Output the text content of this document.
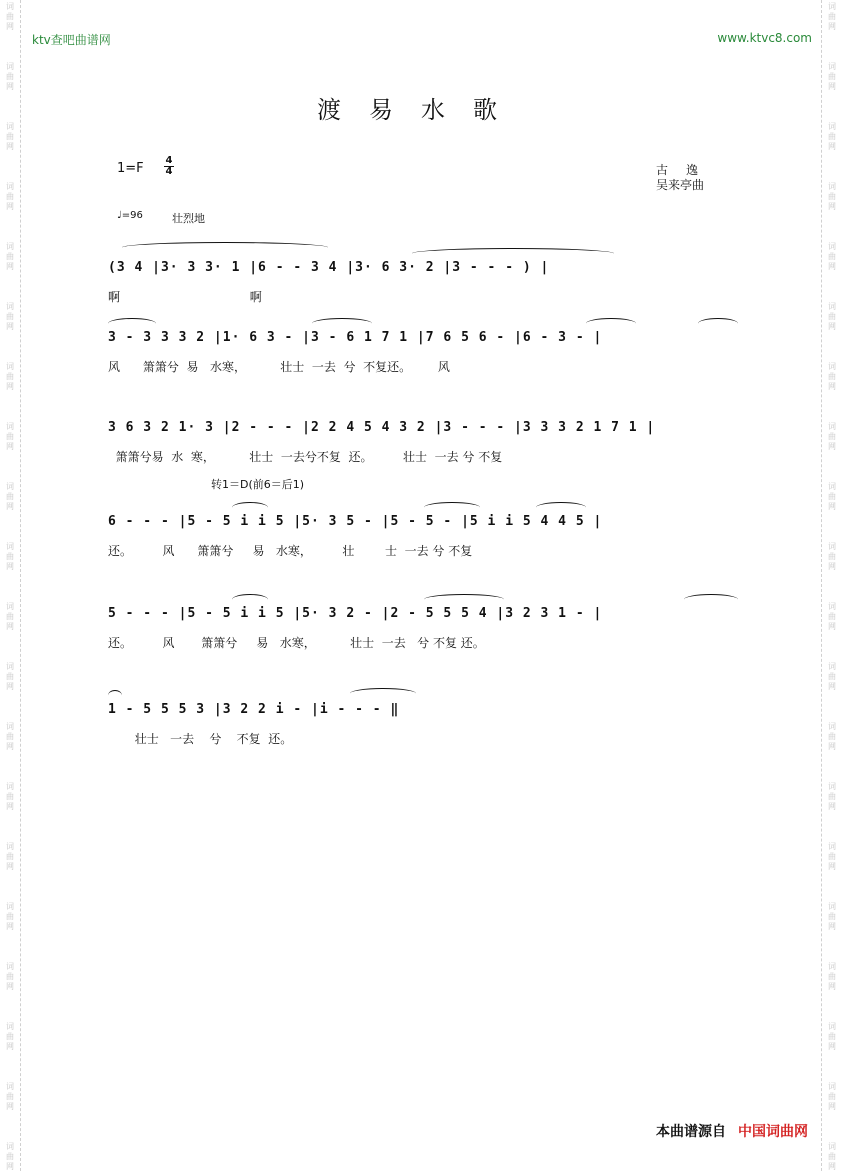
词
曲
网
词
曲
网
词
曲
网
词
曲
网
词
曲
网
词
曲
网
词
曲
网
词
曲
网
词
曲
网
词
曲
网
词
曲
网
词
曲
网
词
曲
网
词
曲
网
词
曲
网
词
曲
网
词
曲
网
词
曲
网
词
曲
网
词
曲
网
词
曲
网
词
曲
网
词
曲
网
词
曲
网
词
曲
网
词
曲
网
词
曲
网
词
曲
网
词
曲
网
词
曲
网
词
曲
网
词
曲
网
词
曲
网
词
曲
网
词
曲
网
词
曲
网
词
曲
网
词
曲
网
词
曲
网
词
曲
网
ktv查吧曲谱网	www.ktvc8.com
渡易水歌
1=F
4
4	古逸
吴来亭曲
♩=96	壮烈地
转1＝D(前6＝后1)
(3 4 |3· 3 3· 1 |6 - - 3 4 |3· 6 3· 2 |3 - - - ) |
啊                                  啊
3 - 3 3 3 2 |1· 6 3 - |3 - 6 1 7 1 |7 6 5 6 - |6 - 3 - |
风      箫箫兮  易   水寒，         壮士  一去  兮  不复还。       风
3 6 3 2 1· 3 |2 - - - |2 2 4 5 4 3 2 |3 - - - |3 3 3 2 1 7 1 |
箫箫兮易  水  寒，         壮士  一去兮不复  还。        壮士  一去 兮 不复
6 - - - |5 - 5 i i 5 |5· 3 5 - |5 - 5 - |5 i i 5 4 4 5 |
还。        风      箫箫兮     易   水寒，        壮        士  一去 兮 不复
5 - - - |5 - 5 i i 5 |5· 3 2 - |2 - 5 5 5 4 |3 2 3 1 - |
还。        风       箫箫兮     易   水寒，         壮士  一去   兮 不复 还。
1 - 5 5 5 3 |3 2 2 i - |i - - - ‖
壮士   一去    兮    不复  还。
本曲谱源自 中国词曲网
